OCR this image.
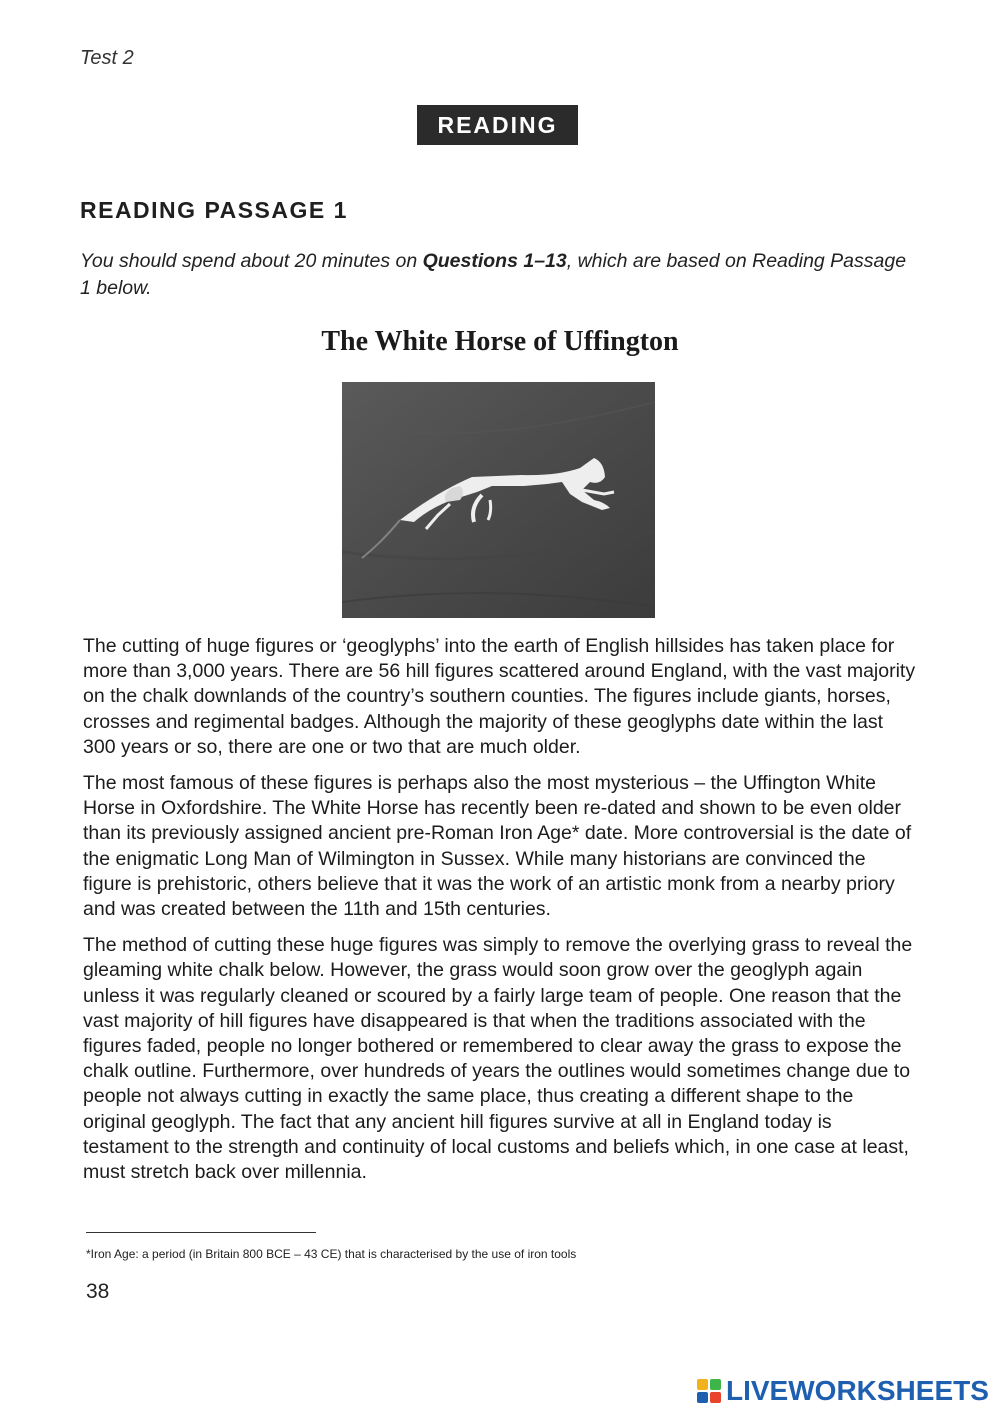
Test 2
READING
READING PASSAGE 1
You should spend about 20 minutes on Questions 1–13, which are based on Reading Passage 1 below.
The White Horse of Uffington

The cutting of huge figures or ‘geoglyphs’ into the earth of English hillsides has taken place for more than 3,000 years. There are 56 hill figures scattered around England, with the vast majority on the chalk downlands of the country’s southern counties. The figures include giants, horses, crosses and regimental badges. Although the majority of these geoglyphs date within the last 300 years or so, there are one or two that are much older.

The most famous of these figures is perhaps also the most mysterious – the Uffington White Horse in Oxfordshire. The White Horse has recently been re-dated and shown to be even older than its previously assigned ancient pre-Roman Iron Age* date. More controversial is the date of the enigmatic Long Man of Wilmington in Sussex. While many historians are convinced the figure is prehistoric, others believe that it was the work of an artistic monk from a nearby priory and was created between the 11th and 15th centuries.

The method of cutting these huge figures was simply to remove the overlying grass to reveal the gleaming white chalk below. However, the grass would soon grow over the geoglyph again unless it was regularly cleaned or scoured by a fairly large team of people. One reason that the vast majority of hill figures have disappeared is that when the traditions associated with the figures faded, people no longer bothered or remembered to clear away the grass to expose the chalk outline. Furthermore, over hundreds of years the outlines would sometimes change due to people not always cutting in exactly the same place, thus creating a different shape to the original geoglyph. The fact that any ancient hill figures survive at all in England today is testament to the strength and continuity of local customs and beliefs which, in one case at least, must stretch back over millennia.

*Iron Age: a period (in Britain 800 BCE – 43 CE) that is characterised by the use of iron tools
38
LIVEWORKSHEETS
